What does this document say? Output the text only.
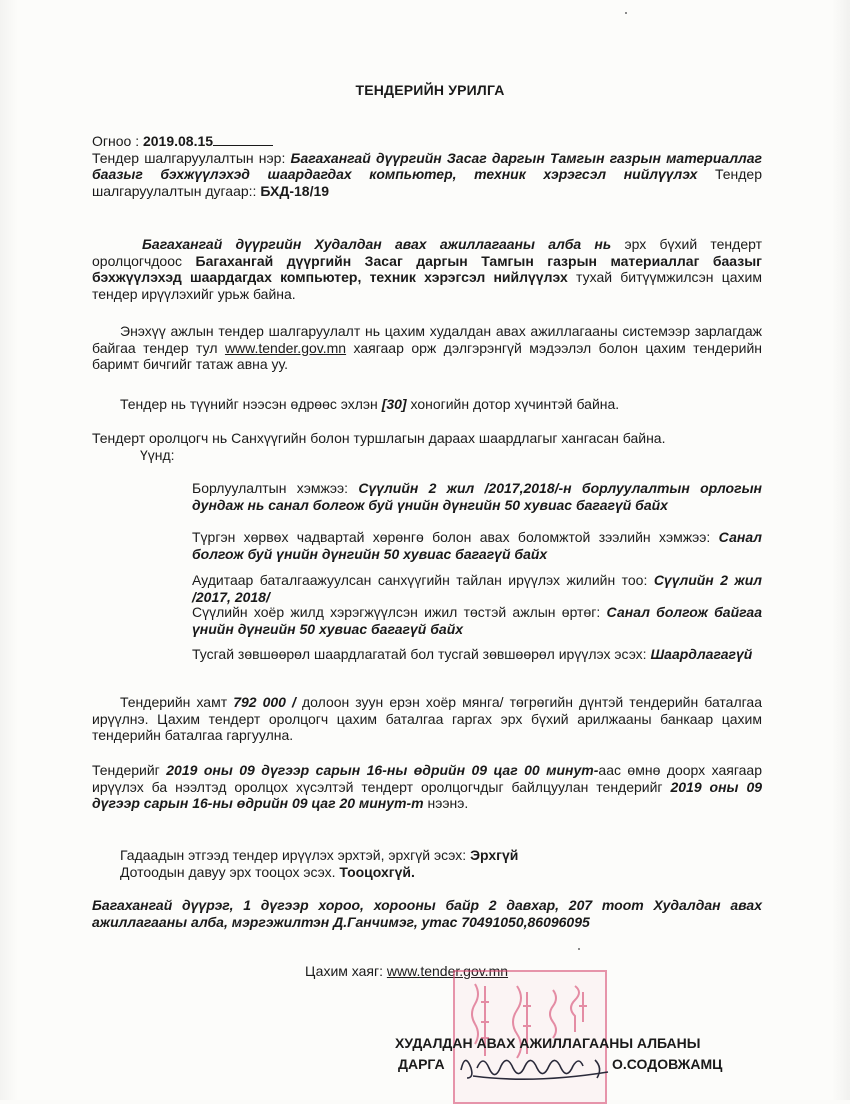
ТЕНДЕРИЙН УРИЛГА
Огноо : 2019.08.15
Тендер шалгаруулалтын нэр: Багахангай дүүргийн Засаг даргын Тамгын газрын материаллаг баазыг бэхжүүлэхэд шаардагдах компьютер, техник хэрэгсэл нийлүүлэх Тендер шалгаруулалтын дугаар:: БХД-18/19
Багахангай дүүргийн Худалдан авах ажиллагааны алба нь эрх бүхий тендерт оролцогчдоос Багахангай дүүргийн Засаг даргын Тамгын газрын материаллаг баазыг бэхжүүлэхэд шаардагдах компьютер, техник хэрэгсэл нийлүүлэх тухай битүүмжилсэн цахим тендер ирүүлэхийг урьж байна.
Энэхүү ажлын тендер шалгаруулалт нь цахим худалдан авах ажиллагааны системээр зарлагдаж байгаа тендер тул www.tender.gov.mn хаягаар орж дэлгэрэнгүй мэдээлэл болон цахим тендерийн баримт бичгийг татаж авна уу.
Тендер нь түүнийг нээсэн өдрөөс эхлэн [30] хоногийн дотор хүчинтэй байна.
Тендерт оролцогч нь Санхүүгийн болон туршлагын дараах шаардлагыг хангасан байна.
Үүнд:
Борлуулалтын хэмжээ: Сүүлийн 2 жил /2017,2018/-н борлуулалтын орлогын дундаж нь санал болгож буй үнийн дүнгийн 50 хувиас багагүй байх
Түргэн хөрвөх чадвартай хөрөнгө болон авах боломжтой зээлийн хэмжээ: Санал болгож буй үнийн дүнгийн 50 хувиас багагүй байх
Аудитаар баталгаажуулсан санхүүгийн тайлан ирүүлэх жилийн тоо: Сүүлийн 2 жил /2017, 2018/
Сүүлийн хоёр жилд хэрэгжүүлсэн ижил төстэй ажлын өртөг: Санал болгож байгаа үнийн дүнгийн 50 хувиас багагүй байх
Тусгай зөвшөөрөл шаардлагатай бол тусгай зөвшөөрөл ирүүлэх эсэх: Шаардлагагүй
Тендерийн хамт 792 000 / долоон зуун ерэн хоёр мянга/ төгрөгийн дүнтэй тендерийн баталгаа ирүүлнэ. Цахим тендерт оролцогч цахим баталгаа гаргах эрх бүхий арилжааны банкаар цахим тендерийн баталгаа гаргуулна.
Тендерийг 2019 оны 09 дүгээр сарын 16-ны өдрийн 09 цаг 00 минут-аас өмнө доорх хаягаар ирүүлэх ба нээлтэд оролцох хүсэлтэй тендерт оролцогчдыг байлцуулан тендерийг 2019 оны 09 дүгээр сарын 16-ны өдрийн 09 цаг 20 минут-т нээнэ.
Гадаадын этгээд тендер ирүүлэх эрхтэй, эрхгүй эсэх: Эрхгүй
Дотоодын давуу эрх тооцох эсэх. Тооцохгүй.
Багахангай дүүрэг, 1 дүгээр хороо, хорооны байр 2 давхар, 207 тоот Худалдан авах ажиллагааны алба, мэргэжилтэн Д.Ганчимэг, утас 70491050,86096095
Цахим хаяг: www.tender.gov.mn
ХУДАЛДАН АВАХ АЖИЛЛАГААНЫ АЛБАНЫ
ДАРГА	О.СОДОВЖАМЦ
